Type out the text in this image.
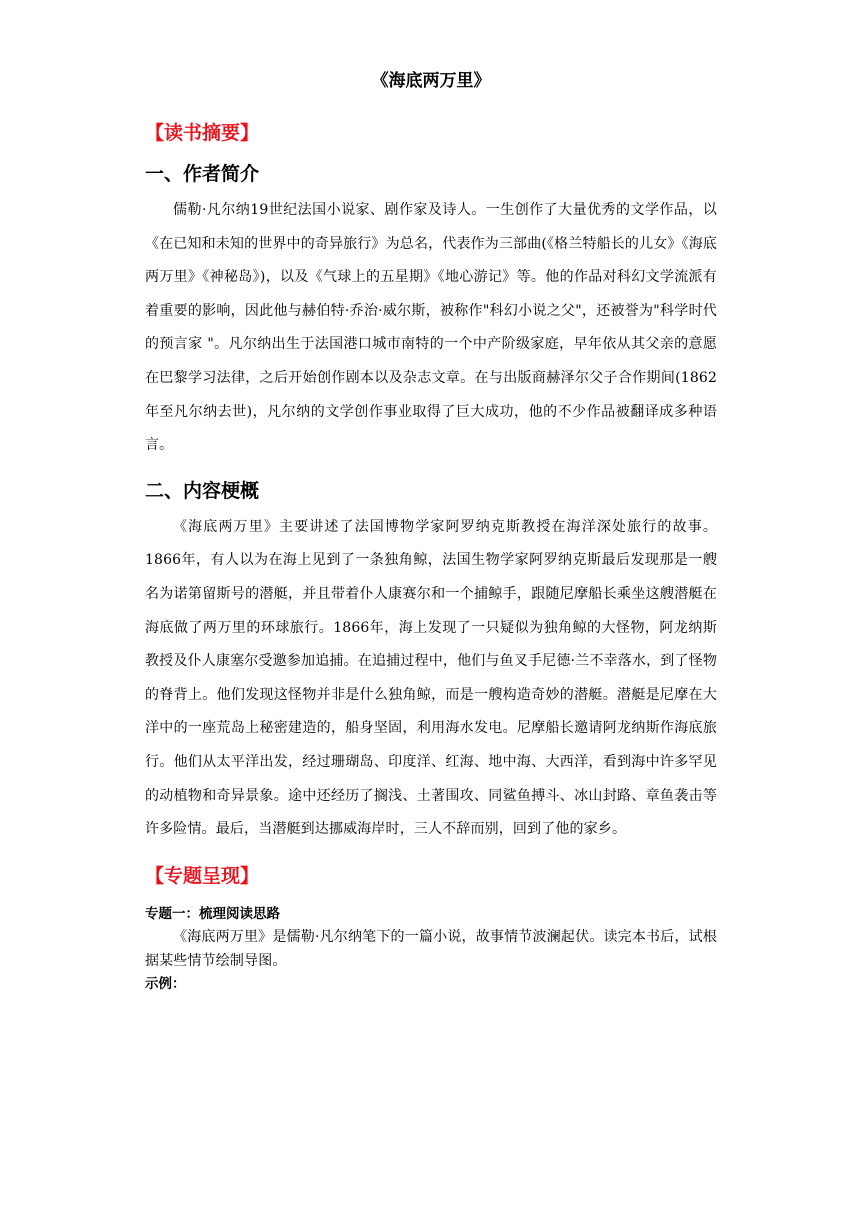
《海底两万里》
【读书摘要】
一、作者简介

儒勒·凡尔纳19世纪法国小说家、剧作家及诗人。一生创作了大量优秀的文学作品，以《在已知和未知的世界中的奇异旅行》为总名，代表作为三部曲(《格兰特船长的儿女》《海底两万里》《神秘岛》)，以及《气球上的五星期》《地心游记》等。他的作品对科幻文学流派有着重要的影响，因此他与赫伯特·乔治·威尔斯，被称作"科幻小说之父"，还被誉为"科学时代的预言家 "。凡尔纳出生于法国港口城市南特的一个中产阶级家庭，早年依从其父亲的意愿在巴黎学习法律，之后开始创作剧本以及杂志文章。在与出版商赫泽尔父子合作期间(1862年至凡尔纳去世)，凡尔纳的文学创作事业取得了巨大成功，他的不少作品被翻译成多种语言。

二、内容梗概

《海底两万里》主要讲述了法国博物学家阿罗纳克斯教授在海洋深处旅行的故事。1866年，有人以为在海上见到了一条独角鲸，法国生物学家阿罗纳克斯最后发现那是一艘名为诺第留斯号的潜艇，并且带着仆人康赛尔和一个捕鲸手，跟随尼摩船长乘坐这艘潜艇在海底做了两万里的环球旅行。1866年，海上发现了一只疑似为独角鲸的大怪物，阿龙纳斯教授及仆人康塞尔受邀参加追捕。在追捕过程中，他们与鱼叉手尼德·兰不幸落水，到了怪物的脊背上。他们发现这怪物并非是什么独角鲸，而是一艘构造奇妙的潜艇。潜艇是尼摩在大洋中的一座荒岛上秘密建造的，船身坚固，利用海水发电。尼摩船长邀请阿龙纳斯作海底旅行。他们从太平洋出发，经过珊瑚岛、印度洋、红海、地中海、大西洋，看到海中许多罕见的动植物和奇异景象。途中还经历了搁浅、土著围攻、同鲨鱼搏斗、冰山封路、章鱼袭击等许多险情。最后，当潜艇到达挪威海岸时，三人不辞而别，回到了他的家乡。

【专题呈现】
专题一：梳理阅读思路

《海底两万里》是儒勒·凡尔纳笔下的一篇小说，故事情节波澜起伏。读完本书后，试根据某些情节绘制导图。

示例：
